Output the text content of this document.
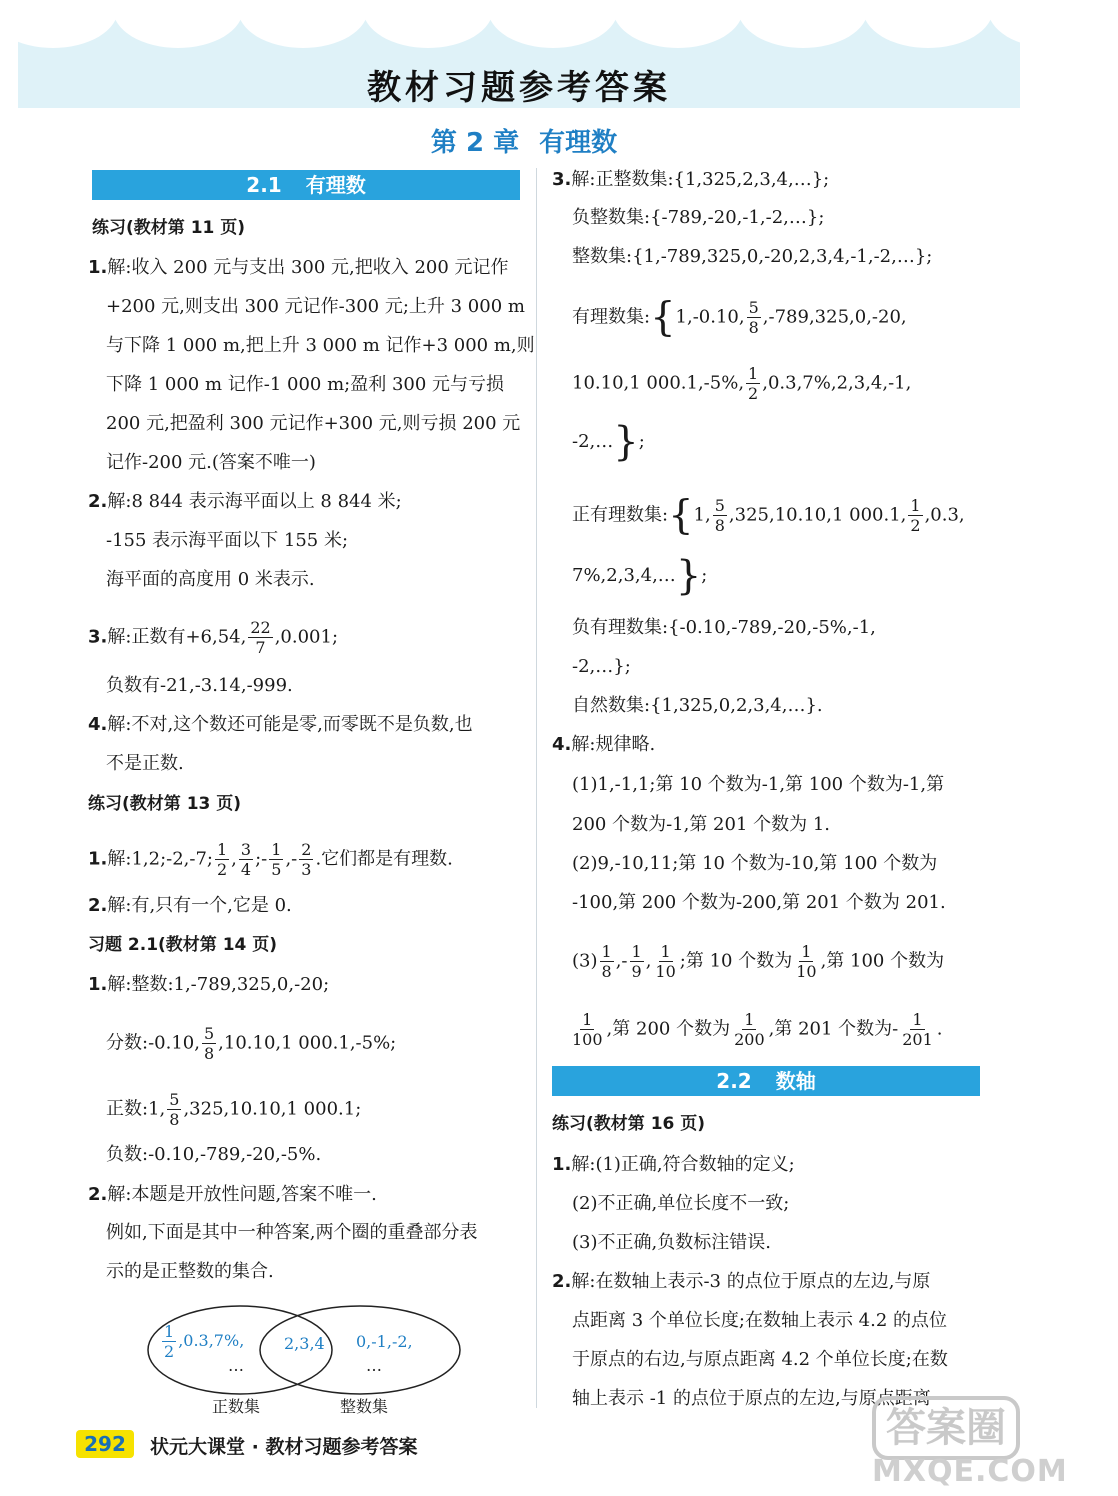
教材习题参考答案
第 2 章 有理数
2.1 有理数
练习(教材第 11 页)
1.解:收入 200 元与支出 300 元,把收入 200 元记作
+200 元,则支出 300 元记作-300 元;上升 3 000 m
与下降 1 000 m,把上升 3 000 m 记作+3 000 m,则
下降 1 000 m 记作-1 000 m;盈利 300 元与亏损
200 元,把盈利 300 元记作+300 元,则亏损 200 元
记作-200 元.(答案不唯一)
2.解:8 844 表示海平面以上 8 844 米;
-155 表示海平面以下 155 米;
海平面的高度用 0 米表示.
3.解:正数有+6,54, $\frac{22}{7} ,0.001$;
负数有-21,-3.14,-999.
4.解:不对,这个数还可能是零,而零既不是负数,也
不是正数.
练习(教材第 13 页)
1.解:1,2;-2,-7; $\frac{1}{2}$ , $\frac{3}{4}$ ;- $\frac{1}{5}$ ,- $\frac{2}{3}$ .它们都是有理数.
2.解:有,只有一个,它是 0.
习题 2.1(教材第 14 页)
1.解:整数:1,-789,325,0,-20;
分数:-0.10, $\frac{5}{8} ,10.10,1$ 000.1,-5%;
正数:1, $\frac{5}{8} ,325,10.10,1$ 000.1;
负数:-0.10,-789,-20,-5%.
2.解:本题是开放性问题,答案不唯一.
例如,下面是其中一种答案,两个圈的重叠部分表
示的是正整数的集合.
$\frac{1}{2} ,0.3,7\%$,
…
2,3,4 0,-1,-2,
…
正数集	整数集
3.解:正整数集:{1,325,2,3,4,…};
负整数集:{-789,-20,-1,-2,…};
整数集:{1,-789,325,0,-20,2,3,4,-1,-2,…};
有理数集:{1,-0.10, $\frac{5}{8} ,-789,325,0,-20$,
10.10,1 000.1,-5%, $\frac{1}{2} ,0.3,7\%,2,3,4,-1$,
-2,…};
正有理数集:{1, $\frac{5}{8} ,325,10.10,1$ 000.1, $\frac{1}{2} ,0.3$,
7%,2,3,4,…};
负有理数集:{-0.10,-789,-20,-5%,-1,
-2,…};
自然数集:{1,325,0,2,3,4,…}.
4.解:规律略.
(1)1,-1,1;第 10 个数为-1,第 100 个数为-1,第
200 个数为-1,第 201 个数为 1.
(2)9,-10,11;第 10 个数为-10,第 100 个数为
-100,第 200 个数为-200,第 201 个数为 201.
$(3) \frac{1}{8}$ ,- $\frac{1}{9}$ , $\frac{1}{10}$ ;第 10 个数为 $\frac{1}{10}$ ,第 100 个数为
$\frac{1}{100}$ ,第 200 个数为 $\frac{1}{200}$ ,第 201 个数为- $\frac{1}{201}$ .
2.2 数轴
练习(教材第 16 页)
1.解:(1)正确,符合数轴的定义;
(2)不正确,单位长度不一致;
(3)不正确,负数标注错误.
2.解:在数轴上表示-3 的点位于原点的左边,与原
点距离 3 个单位长度;在数轴上表示 4.2 的点位
于原点的右边,与原点距离 4.2 个单位长度;在数
轴上表示 -1 的点位于原点的左边,与原点距离
292	状元大课堂 · 教材习题参考答案	答案圈
MXQE.COM
